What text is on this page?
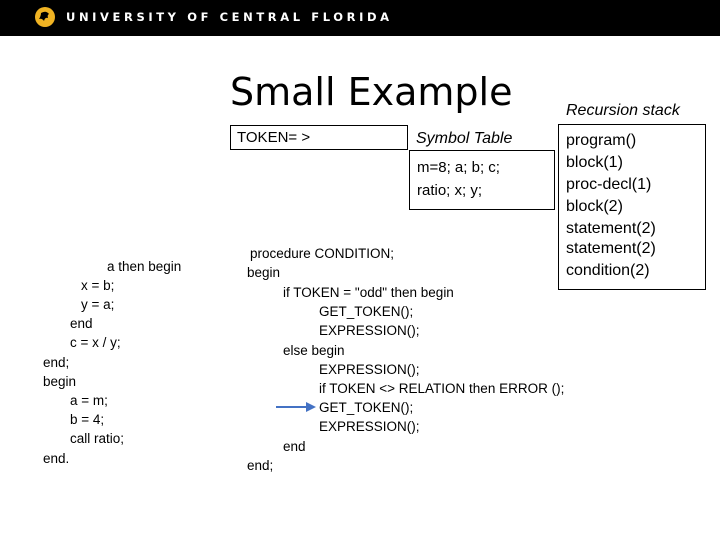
UNIVERSITY OF CENTRAL FLORIDA
Small Example	Recursion stack
TOKEN= >	Symbol Table
m=8; a; b; c;
ratio; x; y;
program()
block(1)
proc-decl(1)
block(2)
statement(2)
statement(2)
condition(2)
a then begin
x = b;
y = a;
end
c = x / y;
end;
begin
a = m;
b = 4;
call ratio;
end.
procedure CONDITION;
begin
if TOKEN = "odd" then begin
GET_TOKEN();
EXPRESSION();
else begin
EXPRESSION();
if TOKEN <> RELATION then ERROR ();
GET_TOKEN();
EXPRESSION();
end
end;
